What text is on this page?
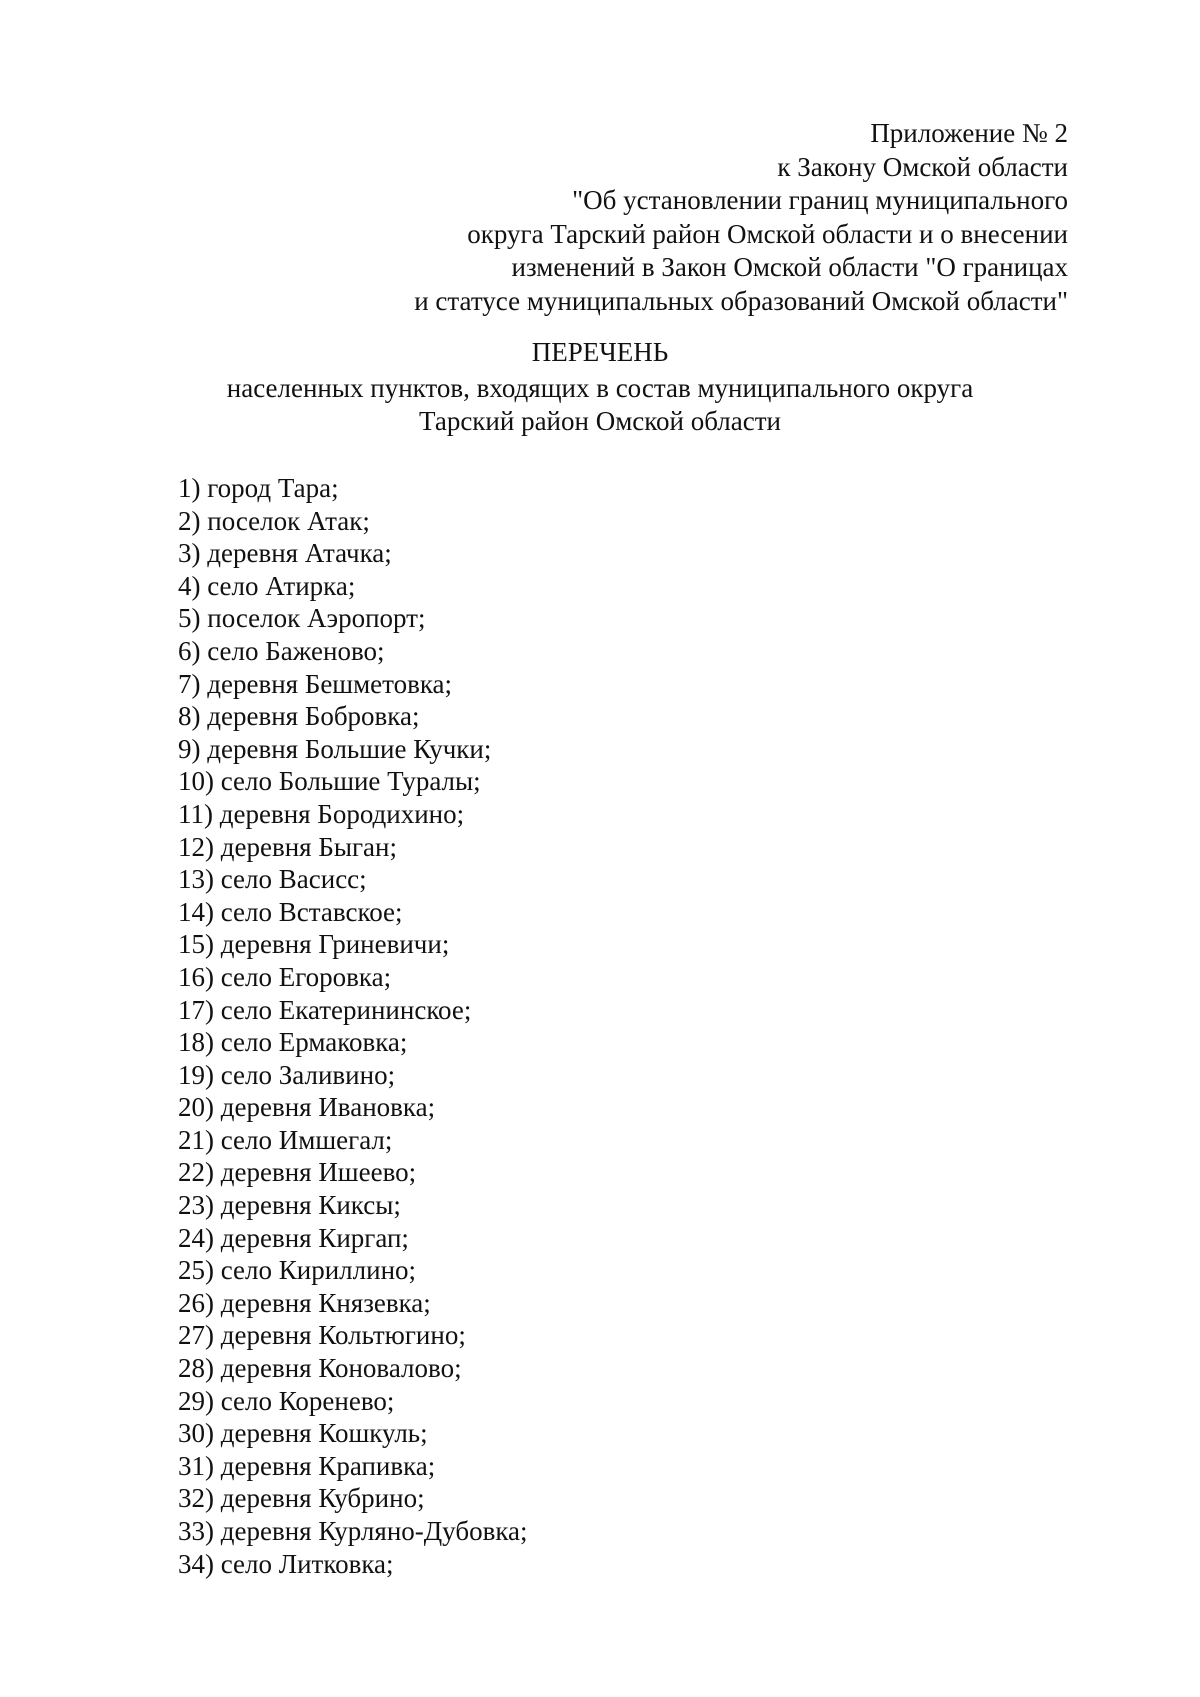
Приложение № 2
к Закону Омской области
"Об установлении границ муниципального
округа Тарский район Омской области и о внесении
изменений в Закон Омской области "О границах
и статусе муниципальных образований Омской области"
ПЕРЕЧЕНЬ
населенных пунктов, входящих в состав муниципального округа
Тарский район Омской области
1) город Тара;
2) поселок Атак;
3) деревня Атачка;
4) село Атирка;
5) поселок Аэропорт;
6) село Баженово;
7) деревня Бешметовка;
8) деревня Бобровка;
9) деревня Большие Кучки;
10) село Большие Туралы;
11) деревня Бородихино;
12) деревня Быган;
13) село Васисс;
14) село Вставское;
15) деревня Гриневичи;
16) село Егоровка;
17) село Екатерининское;
18) село Ермаковка;
19) село Заливино;
20) деревня Ивановка;
21) село Имшегал;
22) деревня Ишеево;
23) деревня Киксы;
24) деревня Киргап;
25) село Кириллино;
26) деревня Князевка;
27) деревня Кольтюгино;
28) деревня Коновалово;
29) село Коренево;
30) деревня Кошкуль;
31) деревня Крапивка;
32) деревня Кубрино;
33) деревня Курляно-Дубовка;
34) село Литковка;
